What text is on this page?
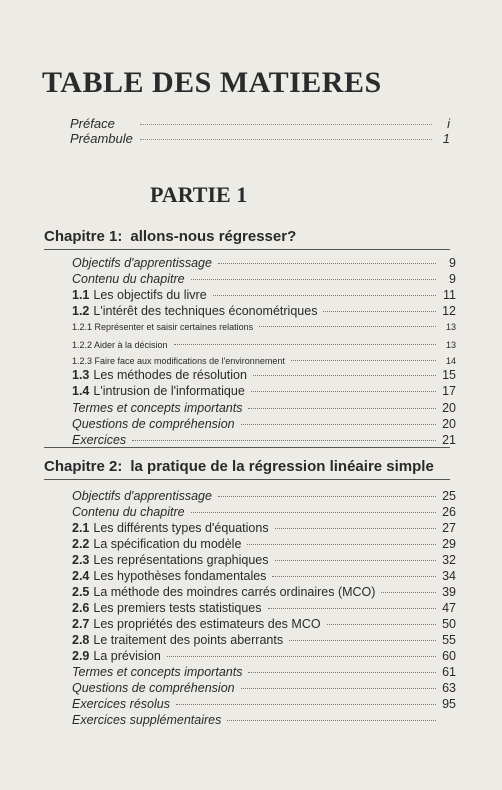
TABLE DES MATIERES
Préface	i
Préambule	1
PARTIE 1
Chapitre 1: allons-nous régresser?
Objectifs d'apprentissage	9
Contenu du chapitre	9
1.1 Les objectifs du livre	11
1.2 L'intérêt des techniques économétriques	12
1.2.1 Représenter et saisir certaines relations	13
1.2.2 Aider à la décision	13
1.2.3 Faire face aux modifications de l'environnement	14
1.3 Les méthodes de résolution	15
1.4 L'intrusion de l'informatique	17
Termes et concepts importants	20
Questions de compréhension	20
Exercices	21
Chapitre 2: la pratique de la régression linéaire simple
Objectifs d'apprentissage	25
Contenu du chapitre	26
2.1 Les différents types d'équations	27
2.2 La spécification du modèle	29
2.3 Les représentations graphiques	32
2.4 Les hypothèses fondamentales	34
2.5 La méthode des moindres carrés ordinaires (MCO)	39
2.6 Les premiers tests statistiques	47
2.7 Les propriétés des estimateurs des MCO	50
2.8 Le traitement des points aberrants	55
2.9 La prévision	60
Termes et concepts importants	61
Questions de compréhension	63
Exercices résolus	95
Exercices supplémentaires
